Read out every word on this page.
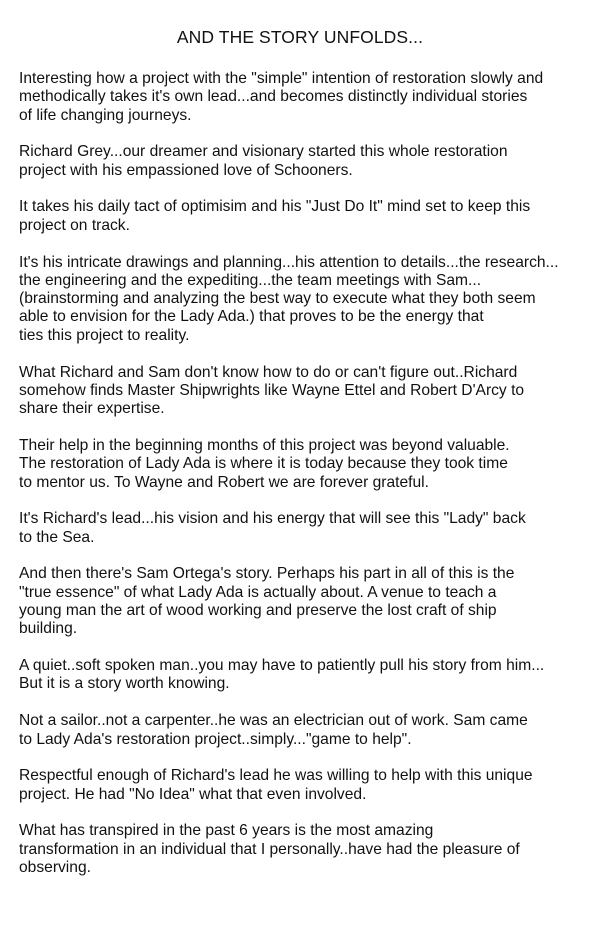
AND THE STORY UNFOLDS...

Interesting how a project with the "simple" intention of restoration slowly and
methodically takes it's own lead...and becomes distinctly individual stories
of life changing journeys.

Richard Grey...our dreamer and visionary started this whole restoration
project with his empassioned love of Schooners.

It takes his daily tact of optimisim and his "Just Do It" mind set to keep this
project on track.

It's his intricate drawings and planning...his attention to details...the research...
the engineering and the expediting...the team meetings with Sam...
(brainstorming and analyzing the best way to execute what they both seem
able to envision for the Lady Ada.) that proves to be the energy that
ties this project to reality.

What Richard and Sam don't know how to do or can't figure out..Richard
somehow finds Master Shipwrights like Wayne Ettel and Robert D'Arcy to
share their expertise.

Their help in the beginning months of this project was beyond valuable.
The restoration of Lady Ada is where it is today because they took time
to mentor us. To Wayne and Robert we are forever grateful.

It's Richard's lead...his vision and his energy that will see this "Lady" back
to the Sea.

And then there's Sam Ortega's story. Perhaps his part in all of this is the
"true essence" of what Lady Ada is actually about. A venue to teach a
young man the art of wood working and preserve the lost craft of ship
building.

A quiet..soft spoken man..you may have to patiently pull his story from him...
But it is a story worth knowing.

Not a sailor..not a carpenter..he was an electrician out of work. Sam came
to Lady Ada's restoration project..simply..."game to help".

Respectful enough of Richard's lead he was willing to help with this unique
project. He had "No Idea" what that even involved.

What has transpired in the past 6 years is the most amazing
transformation in an individual that I personally..have had the pleasure of
observing.
